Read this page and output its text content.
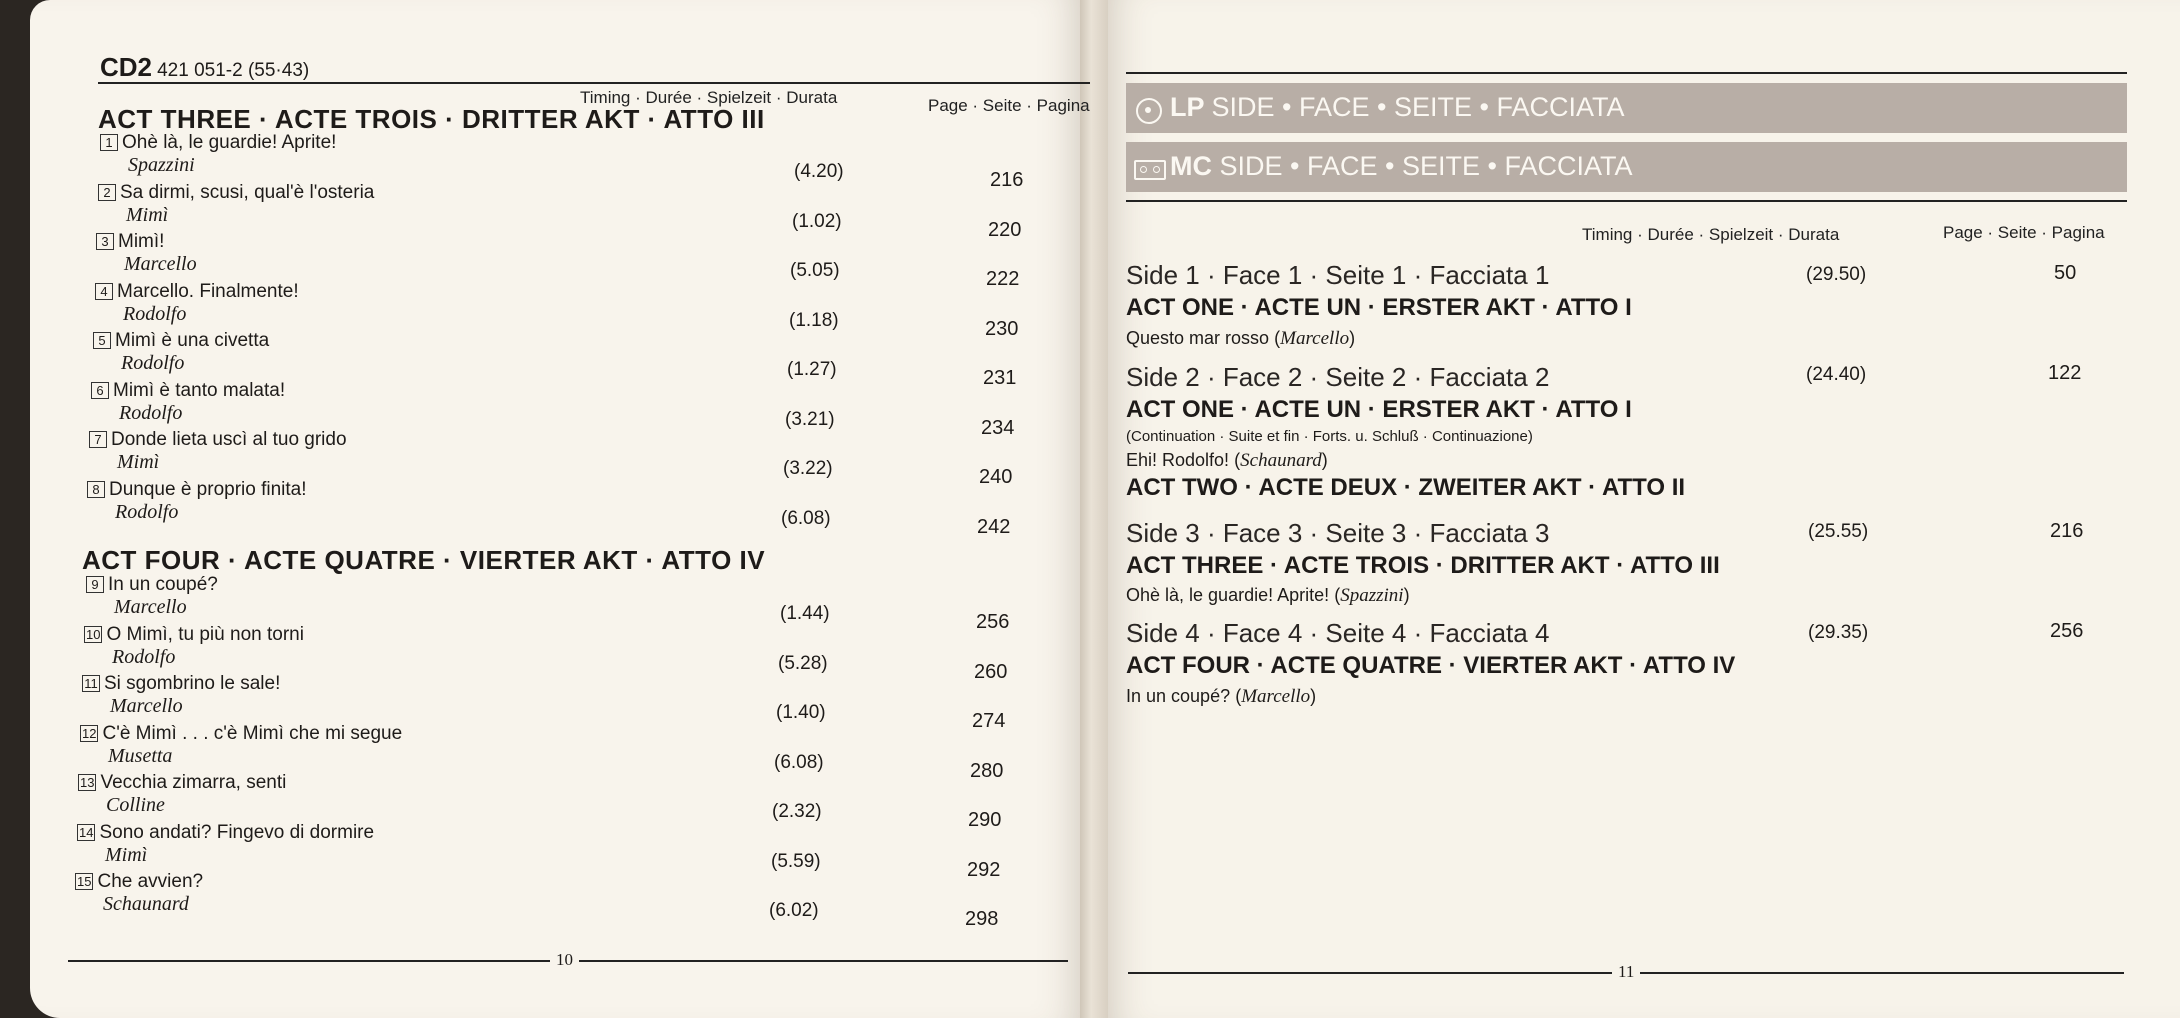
CD2 421 051-2 (55·43)
Timing · Durée · Spielzeit · Durata	Page · Seite · Pagina
ACT THREE · ACTE TROIS · DRITTER AKT · ATTO III
1 Ohè là, le guardie! Aprite!
Spazzini	(4.20)	216
2 Sa dirmi, scusi, qual'è l'osteria
Mimì	(1.02)	220
3 Mimì!
Marcello	(5.05)	222
4 Marcello. Finalmente!
Rodolfo	(1.18)	230
5 Mimì è una civetta
Rodolfo	(1.27)	231
6 Mimì è tanto malata!
Rodolfo	(3.21)	234
7 Donde lieta uscì al tuo grido
Mimì	(3.22)	240
8 Dunque è proprio finita!
Rodolfo	(6.08)	242
9 In un coupé?
Marcello	(1.44)	256
10 O Mimì, tu più non torni
Rodolfo	(5.28)	260
11 Si sgombrino le sale!
Marcello	(1.40)	274
12 C'è Mimì . . . c'è Mimì che mi segue
Musetta	(6.08)	280
13 Vecchia zimarra, senti
Colline	(2.32)	290
14 Sono andati? Fingevo di dormire
Mimì	(5.59)	292
15 Che avvien?
Schaunard	(6.02)	298
ACT FOUR · ACTE QUATRE · VIERTER AKT · ATTO IV
10
LP SIDE • FACE • SEITE • FACCIATA
MC SIDE • FACE • SEITE • FACCIATA
Timing · Durée · Spielzeit · Durata	Page · Seite · Pagina
Side 1 · Face 1 · Seite 1 · Facciata 1	(29.50)	50
ACT ONE · ACTE UN · ERSTER AKT · ATTO I
Questo mar rosso (Marcello)
Side 2 · Face 2 · Seite 2 · Facciata 2	(24.40)	122
ACT ONE · ACTE UN · ERSTER AKT · ATTO I
(Continuation · Suite et fin · Forts. u. Schluß · Continuazione)
Ehi! Rodolfo! (Schaunard)
ACT TWO · ACTE DEUX · ZWEITER AKT · ATTO II
Side 3 · Face 3 · Seite 3 · Facciata 3	(25.55)	216
ACT THREE · ACTE TROIS · DRITTER AKT · ATTO III
Ohè là, le guardie! Aprite! (Spazzini)
Side 4 · Face 4 · Seite 4 · Facciata 4	(29.35)	256
ACT FOUR · ACTE QUATRE · VIERTER AKT · ATTO IV
In un coupé? (Marcello)
11
